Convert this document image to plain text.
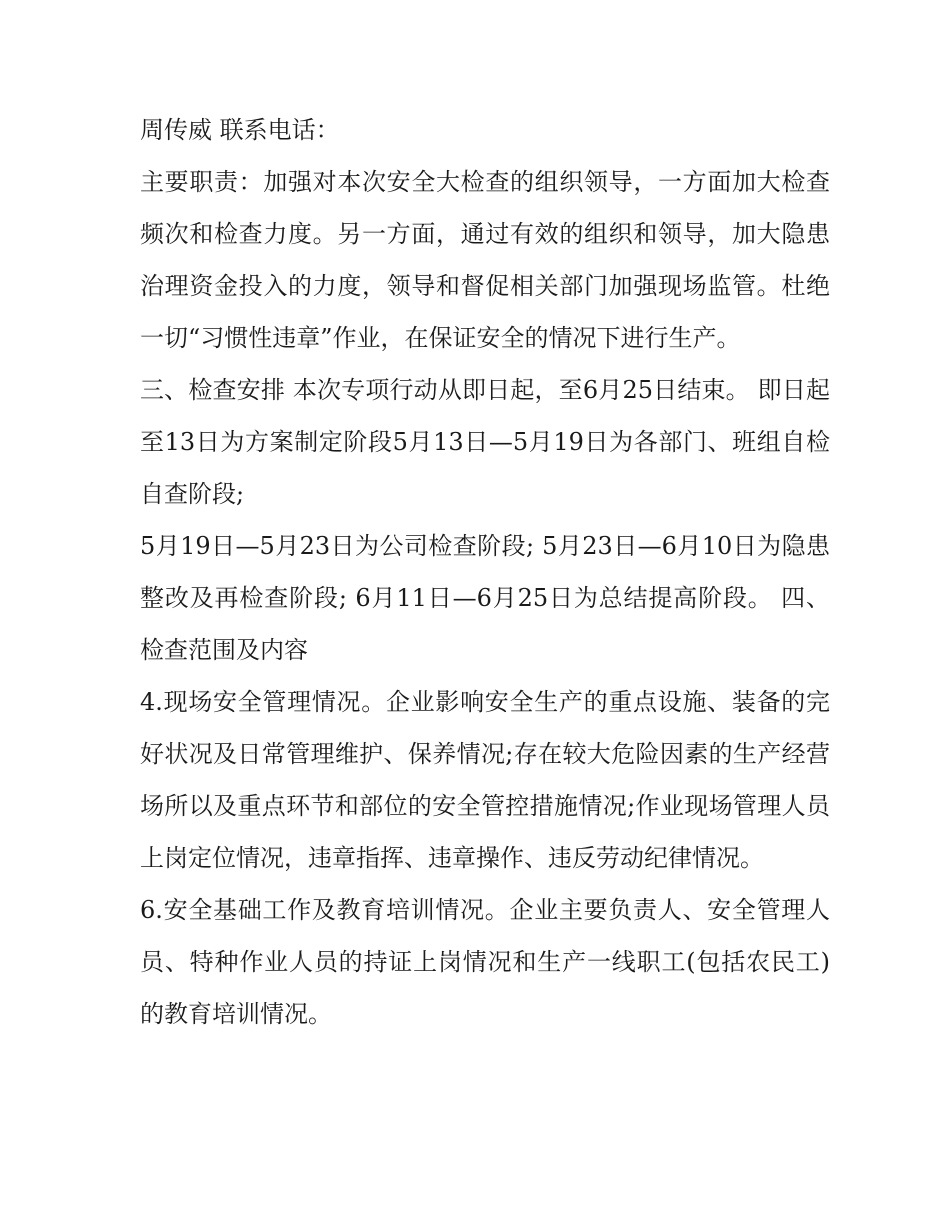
周传威 联系电话：

主要职责：加强对本次安全大检查的组织领导，一方面加大检查频次和检查力度。另一方面，通过有效的组织和领导，加大隐患治理资金投入的力度，领导和督促相关部门加强现场监管。杜绝一切“习惯性违章”作业，在保证安全的情况下进行生产。

三、检查安排 本次专项行动从即日起，至6月25日结束。 即日起至13日为方案制定阶段5月13日—5月19日为各部门、班组自检自查阶段;

5月19日—5月23日为公司检查阶段; 5月23日—6月10日为隐患整改及再检查阶段; 6月11日—6月25日为总结提高阶段。 四、检查范围及内容

4.现场安全管理情况。企业影响安全生产的重点设施、装备的完好状况及日常管理维护、保养情况;存在较大危险因素的生产经营场所以及重点环节和部位的安全管控措施情况;作业现场管理人员上岗定位情况，违章指挥、违章操作、违反劳动纪律情况。

6.安全基础工作及教育培训情况。企业主要负责人、安全管理人员、特种作业人员的持证上岗情况和生产一线职工(包括农民工)的教育培训情况。
